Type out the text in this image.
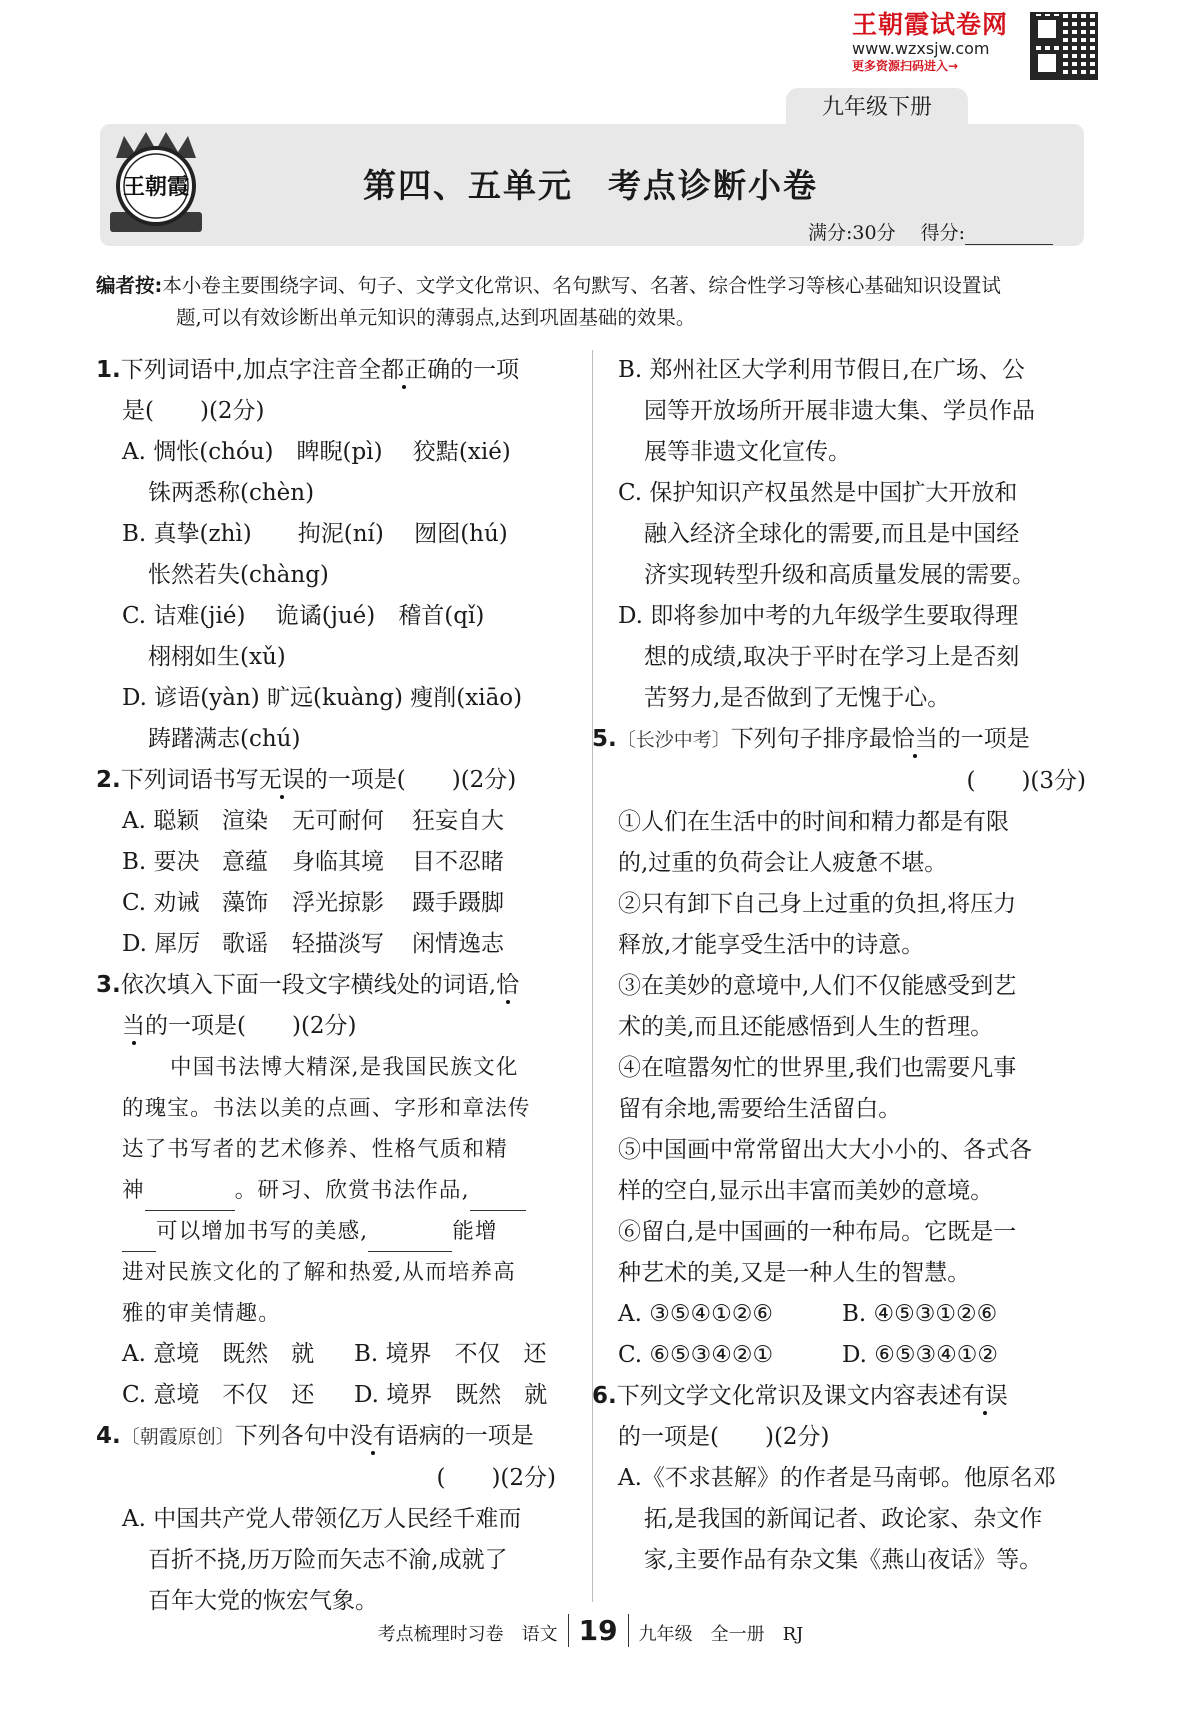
王朝霞试卷网
www.wzxsjw.com
更多资源扫码进入→
九年级下册
王朝霞	第四、五单元　考点诊断小卷
满分:30分　 得分:
编者按:本小卷主要围绕字词、句子、文学文化常识、名句默写、名著、综合性学习等核心基础知识设置试
题,可以有效诊断出单元知识的薄弱点,达到巩固基础的效果。

1.下列词语中,加点字注音全都正确的一项

是(　　)(2分)

A. 惆怅(chóu)　 睥睨(pì)　 狡黠(xié)

铢两悉称(chèn)

B. 真挚(zhì)　　 拘泥(ní)　 囫囵(hú)

怅然若失(chàng)

C. 诘难(jié)　 诡谲(jué)　 稽首(qǐ)

栩栩如生(xǔ)

D. 谚语(yàn) 旷远(kuàng) 瘦削(xiāo)

踌躇满志(chú)

2.下列词语书写无误的一项是(　　)(2分)

A. 聪颖 渲染 无可耐何 狂妄自大

B. 要决 意蕴 身临其境 目不忍睹

C. 劝诫 藻饰 浮光掠影 蹑手蹑脚

D. 犀厉 歌谣 轻描淡写 闲情逸志

3.依次填入下面一段文字横线处的词语,恰

当的一项是(　　)(2分)

中国书法博大精深,是我国民族文化

的瑰宝。书法以美的点画、字形和章法传

达了书写者的艺术修养、性格气质和精

神	。研习、欣赏书法作品,

可以增加书写的美感,	能增

进对民族文化的了解和热爱,从而培养高

雅的审美情趣。

A. 意境　既然　就 B. 境界　不仅　还

C. 意境　不仅　还 D. 境界　既然　就

4.〔朝霞原创〕下列各句中没有语病的一项是

(　　)(2分)

A. 中国共产党人带领亿万人民经千难而

百折不挠,历万险而矢志不渝,成就了

百年大党的恢宏气象。

B. 郑州社区大学利用节假日,在广场、公

园等开放场所开展非遗大集、学员作品

展等非遗文化宣传。

C. 保护知识产权虽然是中国扩大开放和

融入经济全球化的需要,而且是中国经

济实现转型升级和高质量发展的需要。

D. 即将参加中考的九年级学生要取得理

想的成绩,取决于平时在学习上是否刻

苦努力,是否做到了无愧于心。

5.〔长沙中考〕下列句子排序最恰当的一项是

(　　)(3分)

①人们在生活中的时间和精力都是有限

的,过重的负荷会让人疲惫不堪。

②只有卸下自己身上过重的负担,将压力

释放,才能享受生活中的诗意。

③在美妙的意境中,人们不仅能感受到艺

术的美,而且还能感悟到人生的哲理。

④在喧嚣匆忙的世界里,我们也需要凡事

留有余地,需要给生活留白。

⑤中国画中常常留出大大小小的、各式各

样的空白,显示出丰富而美妙的意境。

⑥留白,是中国画的一种布局。它既是一

种艺术的美,又是一种人生的智慧。

A. ③⑤④①②⑥	B. ④⑤③①②⑥

C. ⑥⑤③④②①	D. ⑥⑤③④①②

6.下列文学文化常识及课文内容表述有误

的一项是(　　)(2分)

A.《不求甚解》的作者是马南邨。他原名邓

拓,是我国的新闻记者、政论家、杂文作

家,主要作品有杂文集《燕山夜话》等。

考点梳理时习卷　语文 19 九年级　全一册　RJ
